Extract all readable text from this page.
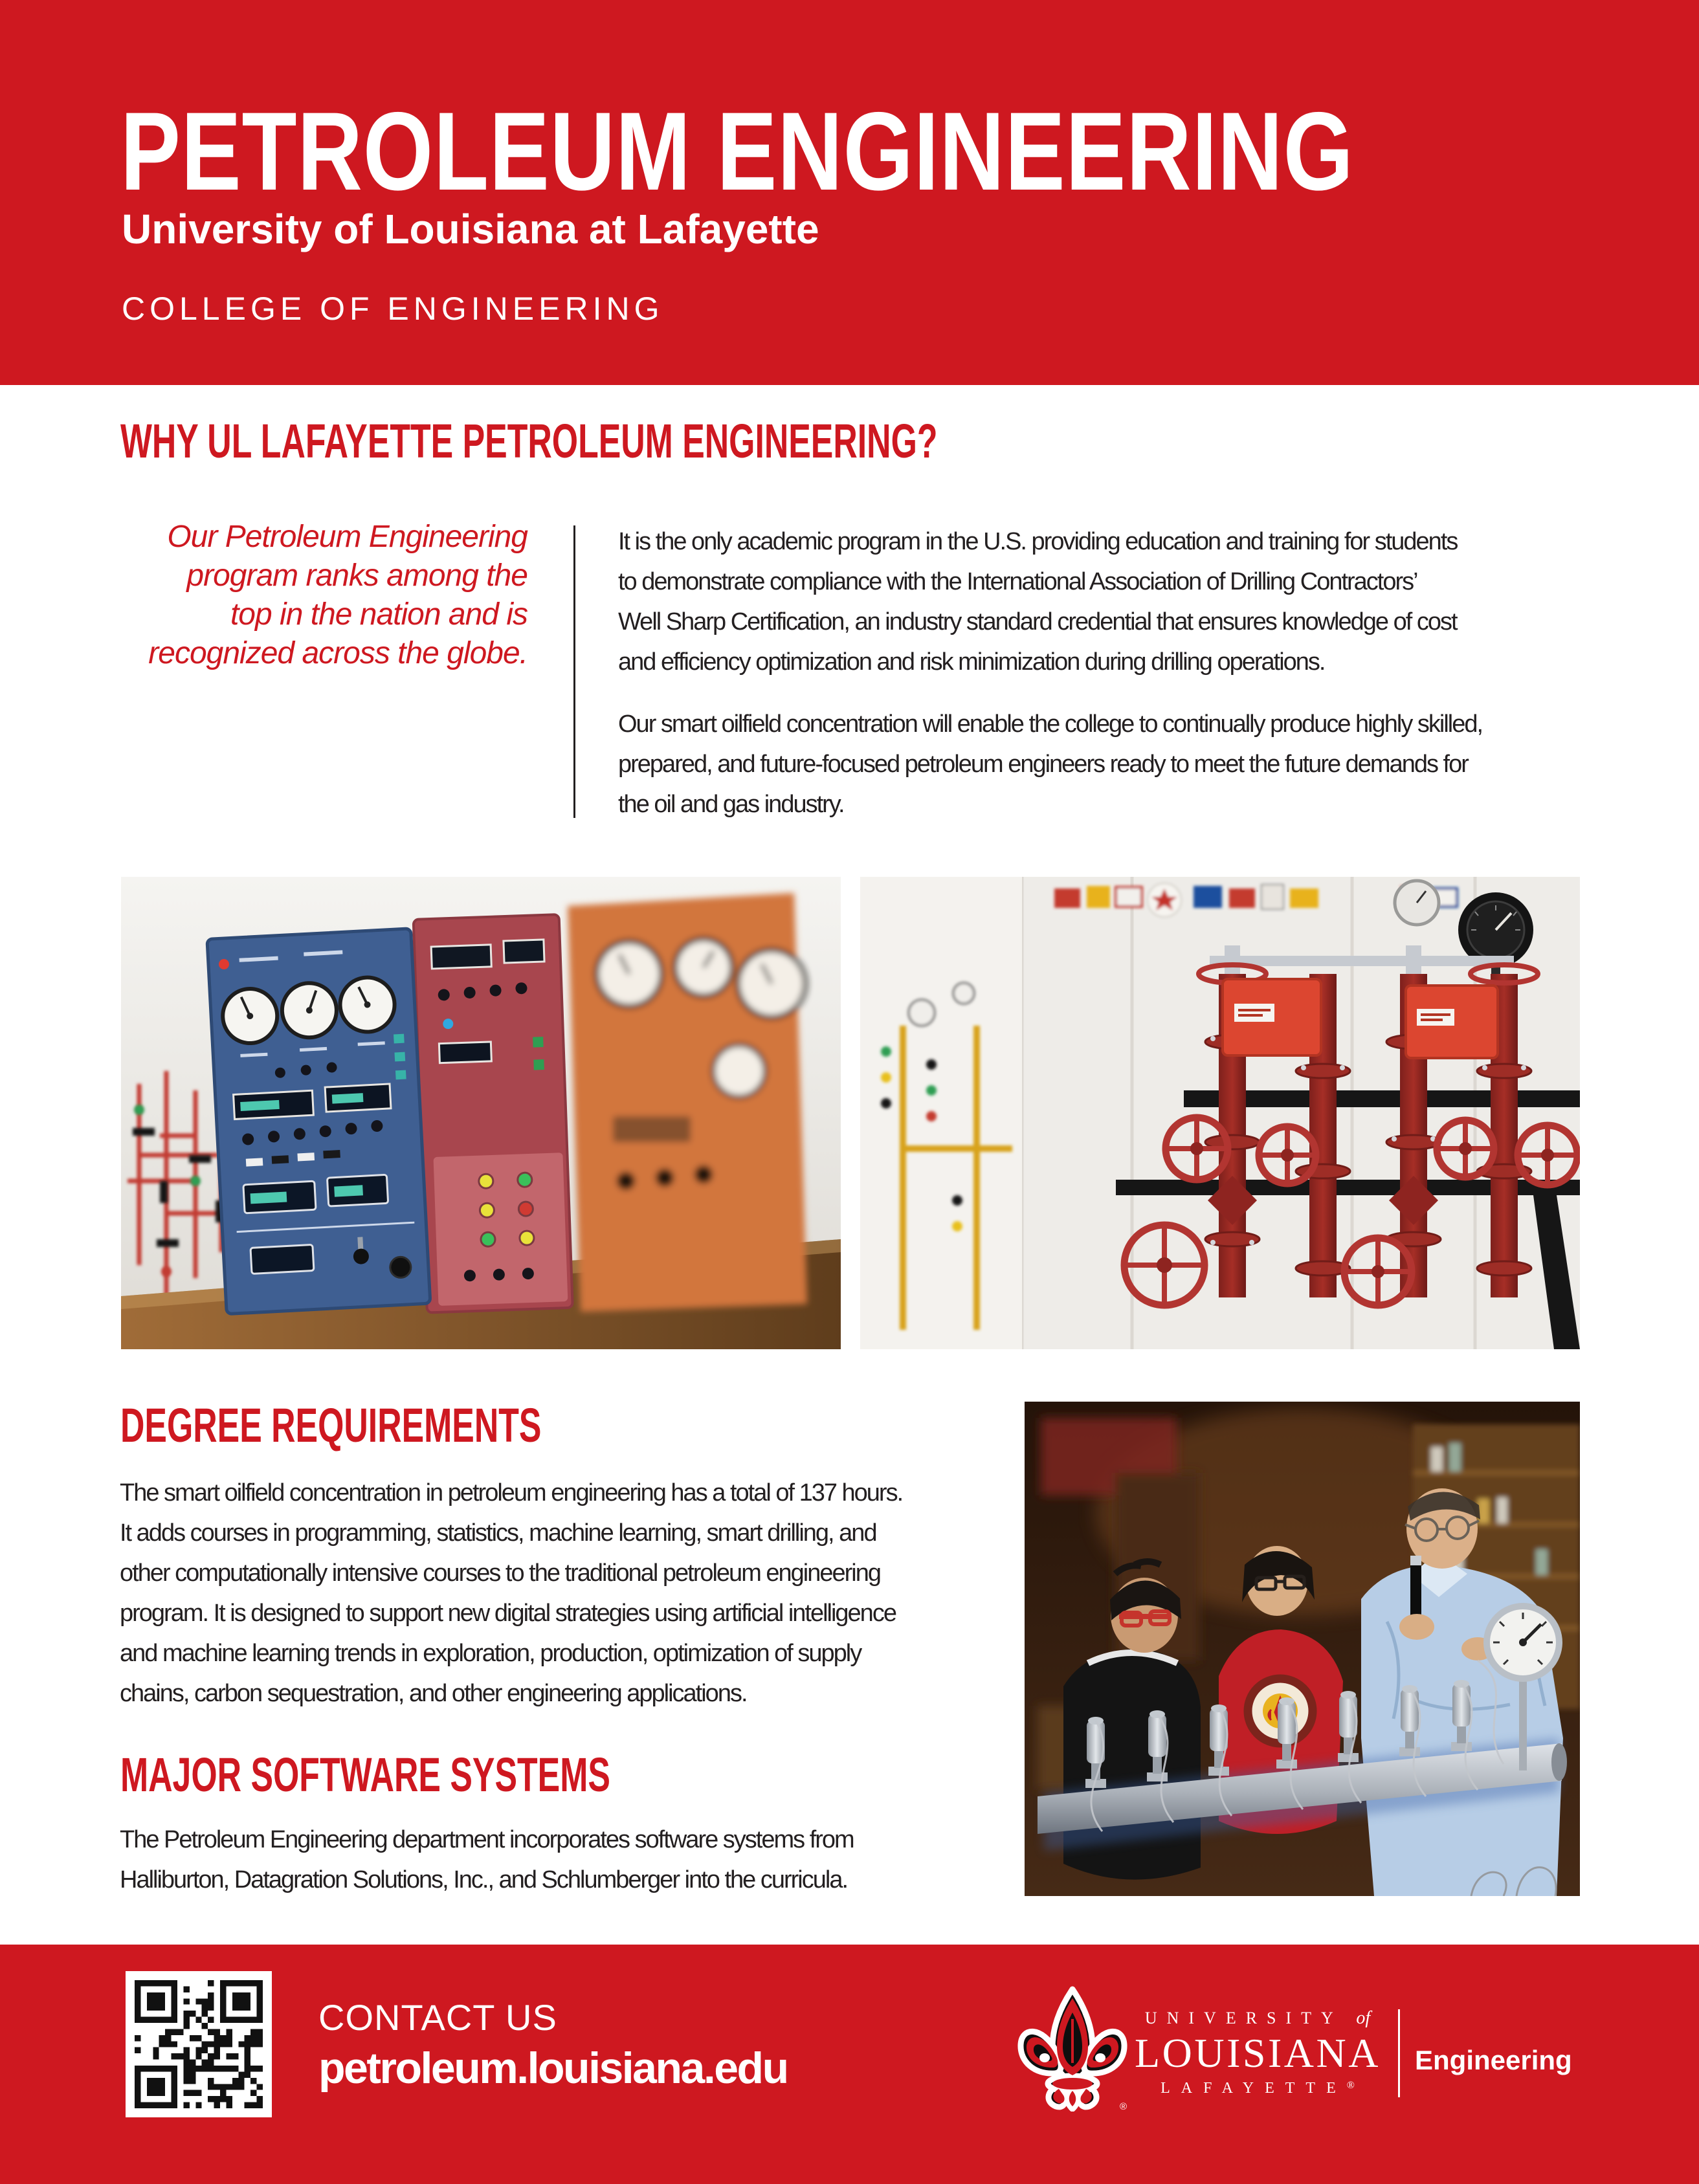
PETROLEUM ENGINEERING
University of Louisiana at Lafayette
COLLEGE OF ENGINEERING
WHY UL LAFAYETTE PETROLEUM ENGINEERING?
Our Petroleum Engineering
program ranks among the
top in the nation and is
recognized across the globe.
It is the only academic program in the U.S. providing education and training for students
to demonstrate compliance with the International Association of Drilling Contractors’
Well Sharp Certification, an industry standard credential that ensures knowledge of cost
and efficiency optimization and risk minimization during drilling operations.
Our smart oilfield concentration will enable the college to continually produce highly skilled,
prepared, and future-focused petroleum engineers ready to meet the future demands for
the oil and gas industry.
DEGREE REQUIREMENTS
The smart oilfield concentration in petroleum engineering has a total of 137 hours.
It adds courses in programming, statistics, machine learning, smart drilling, and
other computationally intensive courses to the traditional petroleum engineering
program. It is designed to support new digital strategies using artificial intelligence
and machine learning trends in exploration, production, optimization of supply
chains, carbon sequestration, and other engineering applications.
MAJOR SOFTWARE SYSTEMS
The Petroleum Engineering department incorporates software systems from
Halliburton, Datagration Solutions, Inc., and Schlumberger into the curricula.
CONTACT US
petroleum.louisiana.edu
®
UNIVERSITY of
LOUISIANA
LAFAYETTE®
Engineering
